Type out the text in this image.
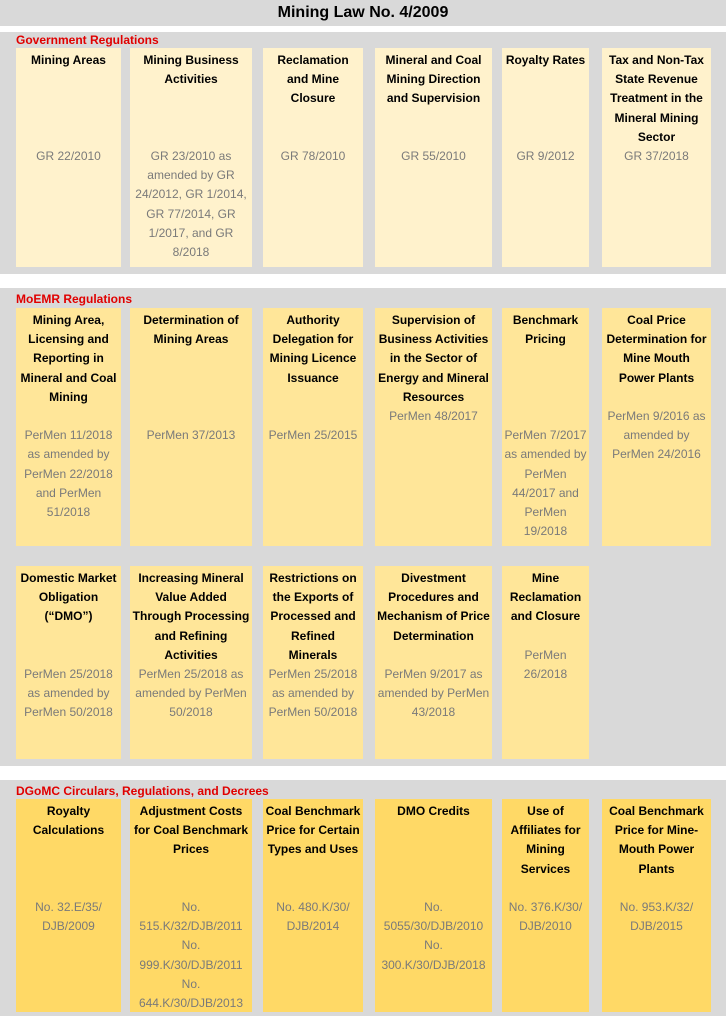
Mining Law No. 4/2009
Government Regulations
Mining Areas
GR 22/2010
Mining Business Activities
GR 23/2010 as amended by GR 24/2012, GR 1/2014, GR 77/2014, GR 1/2017, and GR 8/2018
Reclamation and Mine Closure
GR 78/2010
Mineral and Coal Mining Direction and Supervision
GR 55/2010
Royalty Rates
GR 9/2012
Tax and Non-Tax State Revenue Treatment in the Mineral Mining Sector
GR 37/2018
MoEMR Regulations
Mining Area, Licensing and Reporting in Mineral and Coal Mining
PerMen 11/2018 as amended by PerMen 22/2018 and PerMen 51/2018
Determination of Mining Areas
PerMen 37/2013
Authority Delegation for Mining Licence Issuance
PerMen 25/2015
Supervision of Business Activities in the Sector of Energy and Mineral Resources
PerMen 48/2017
Benchmark Pricing
PerMen 7/2017 as amended by PerMen 44/2017 and PerMen 19/2018
Coal Price Determination for Mine Mouth Power Plants
PerMen 9/2016 as amended by PerMen 24/2016
Domestic Market Obligation (“DMO”)
PerMen 25/2018 as amended by PerMen 50/2018
Increasing Mineral Value Added Through Processing and Refining Activities
PerMen 25/2018 as amended by PerMen 50/2018
Restrictions on the Exports of Processed and Refined Minerals
PerMen 25/2018 as amended by PerMen 50/2018
Divestment Procedures and Mechanism of Price Determination
PerMen 9/2017 as amended by PerMen 43/2018
Mine Reclamation and Closure
PerMen 26/2018
DGoMC Circulars, Regulations, and Decrees
Royalty Calculations
No. 32.E/35/ DJB/2009
Adjustment Costs for Coal Benchmark Prices
No. 515.K/32/DJB/2011 No. 999.K/30/DJB/2011 No. 644.K/30/DJB/2013
Coal Benchmark Price for Certain Types and Uses
No. 480.K/30/ DJB/2014
DMO Credits
No. 5055/30/DJB/2010 No. 300.K/30/DJB/2018
Use of Affiliates for Mining Services
No. 376.K/30/ DJB/2010
Coal Benchmark Price for Mine-Mouth Power Plants
No. 953.K/32/ DJB/2015
